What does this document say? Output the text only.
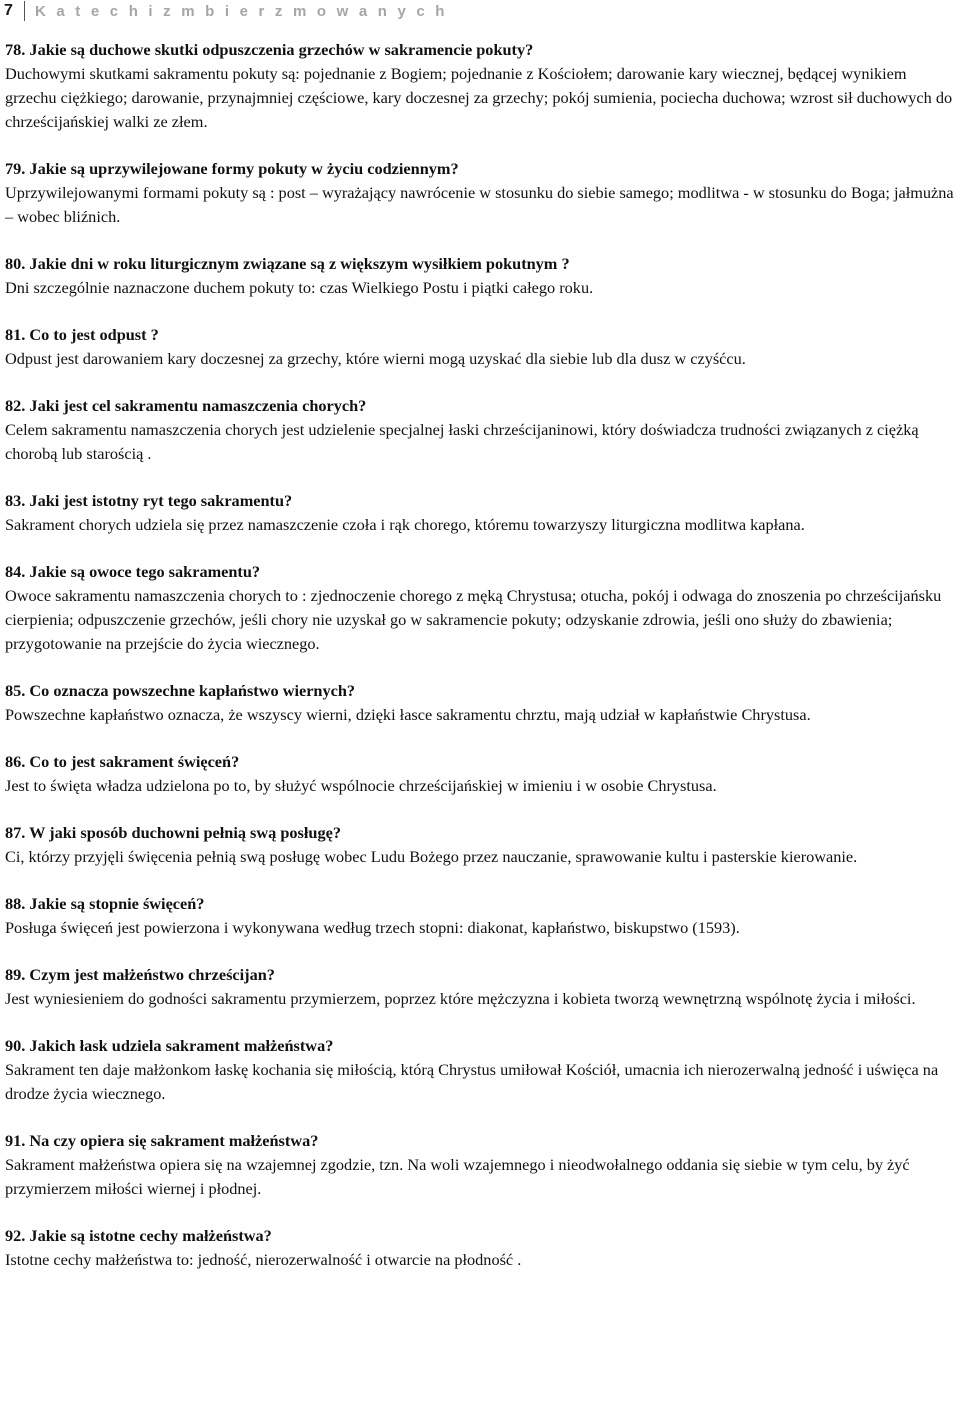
7	K a t e c h i z m b i e r z m o w a n y c h
78. Jakie są duchowe skutki odpuszczenia grzechów w sakramencie pokuty?
Duchowymi skutkami sakramentu pokuty są: pojednanie z Bogiem; pojednanie z Kościołem; darowanie kary wiecznej, będącej wynikiem grzechu ciężkiego; darowanie, przynajmniej częściowe, kary doczesnej za grzechy; pokój sumienia, pociecha duchowa; wzrost sił duchowych do chrześcijańskiej walki ze złem.
79. Jakie są uprzywilejowane formy pokuty w życiu codziennym?
Uprzywilejowanymi formami pokuty są : post – wyrażający nawrócenie w stosunku do siebie samego; modlitwa - w stosunku do Boga; jałmużna – wobec bliźnich.
80. Jakie dni w roku liturgicznym związane są z większym wysiłkiem pokutnym ?
Dni szczególnie naznaczone duchem pokuty to: czas Wielkiego Postu i piątki całego roku.
81. Co to jest odpust ?
Odpust jest darowaniem kary doczesnej za grzechy, które wierni mogą uzyskać dla siebie lub dla dusz w czyśćcu.
82. Jaki jest cel sakramentu namaszczenia chorych?
Celem sakramentu namaszczenia chorych jest udzielenie specjalnej łaski chrześcijaninowi, który doświadcza trudności związanych z ciężką chorobą lub starością .
83. Jaki jest istotny ryt tego sakramentu?
Sakrament chorych udziela się przez namaszczenie czoła i rąk chorego, któremu towarzyszy liturgiczna modlitwa kapłana.
84. Jakie są owoce tego sakramentu?
Owoce sakramentu namaszczenia chorych to : zjednoczenie chorego z męką Chrystusa; otucha, pokój i odwaga do znoszenia po chrześcijańsku cierpienia; odpuszczenie grzechów, jeśli chory nie uzyskał go w sakramencie pokuty; odzyskanie zdrowia, jeśli ono służy do zbawienia; przygotowanie na przejście do życia wiecznego.
85. Co oznacza powszechne kapłaństwo wiernych?
Powszechne kapłaństwo oznacza, że wszyscy wierni, dzięki łasce sakramentu chrztu, mają udział w kapłaństwie Chrystusa.
86. Co to jest sakrament święceń?
Jest to święta władza udzielona po to, by służyć wspólnocie chrześcijańskiej w imieniu i w osobie Chrystusa.
87. W jaki sposób duchowni pełnią swą posługę?
Ci, którzy przyjęli święcenia pełnią swą posługę wobec Ludu Bożego przez nauczanie, sprawowanie kultu i pasterskie kierowanie.
88. Jakie są stopnie święceń?
Posługa święceń jest powierzona i wykonywana według trzech stopni: diakonat, kapłaństwo, biskupstwo (1593).
89. Czym jest małżeństwo chrześcijan?
Jest wyniesieniem do godności sakramentu przymierzem, poprzez które mężczyzna i kobieta tworzą wewnętrzną wspólnotę życia i miłości.
90. Jakich łask udziela sakrament małżeństwa?
Sakrament ten daje małżonkom łaskę kochania się miłością, którą Chrystus umiłował Kościół, umacnia ich nierozerwalną jedność i uświęca na drodze życia wiecznego.
91. Na czy opiera się sakrament małżeństwa?
Sakrament małżeństwa opiera się na wzajemnej zgodzie, tzn. Na woli wzajemnego i nieodwołalnego oddania się siebie w tym celu, by żyć przymierzem miłości wiernej i płodnej.
92. Jakie są istotne cechy małżeństwa?
Istotne cechy małżeństwa to: jedność, nierozerwalność i otwarcie na płodność .
